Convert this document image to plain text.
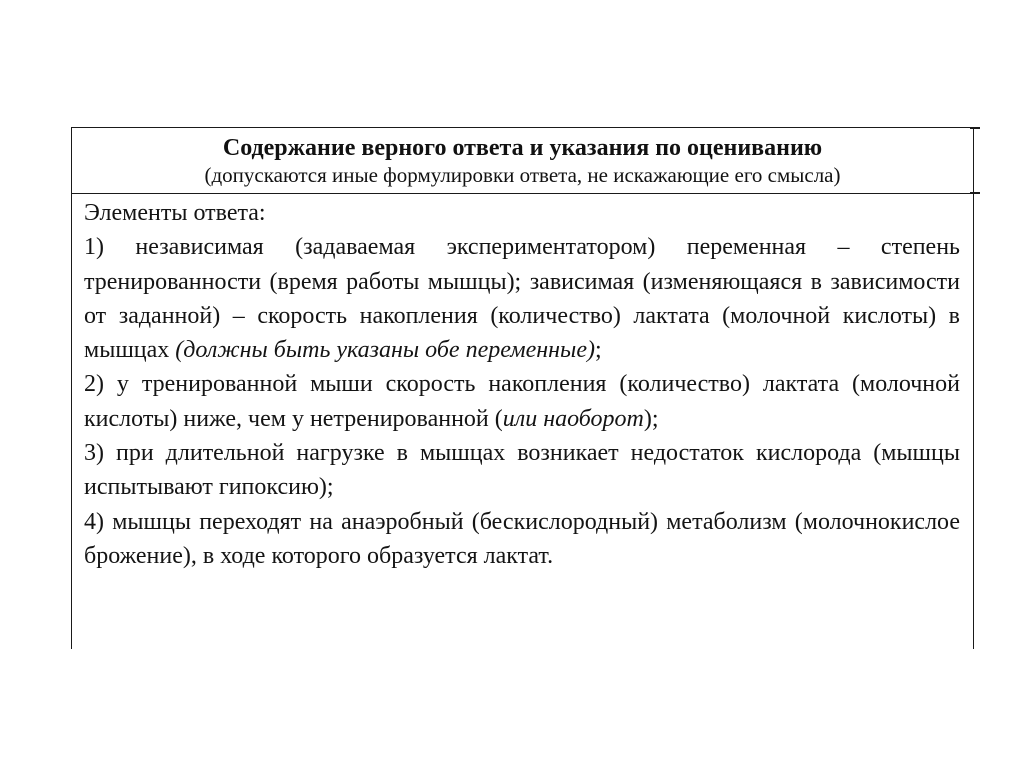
Содержание верного ответа и указания по оцениванию
(допускаются иные формулировки ответа, не искажающие его смысла)

Элементы ответа:

1) независимая (задаваемая экспериментатором) переменная – степень тренированности (время работы мышцы); зависимая (изменяющаяся в зависимости от заданной) – скорость накопления (количество) лактата (молочной кислоты) в мышцах (должны быть указаны обе переменные);

2) у тренированной мыши скорость накопления (количество) лактата (молочной кислоты) ниже, чем у нетренированной (или наоборот);

3) при длительной нагрузке в мышцах возникает недостаток кислорода (мышцы испытывают гипоксию);

4) мышцы переходят на анаэробный (бескислородный) метаболизм (молочнокислое брожение), в ходе которого образуется лактат.
